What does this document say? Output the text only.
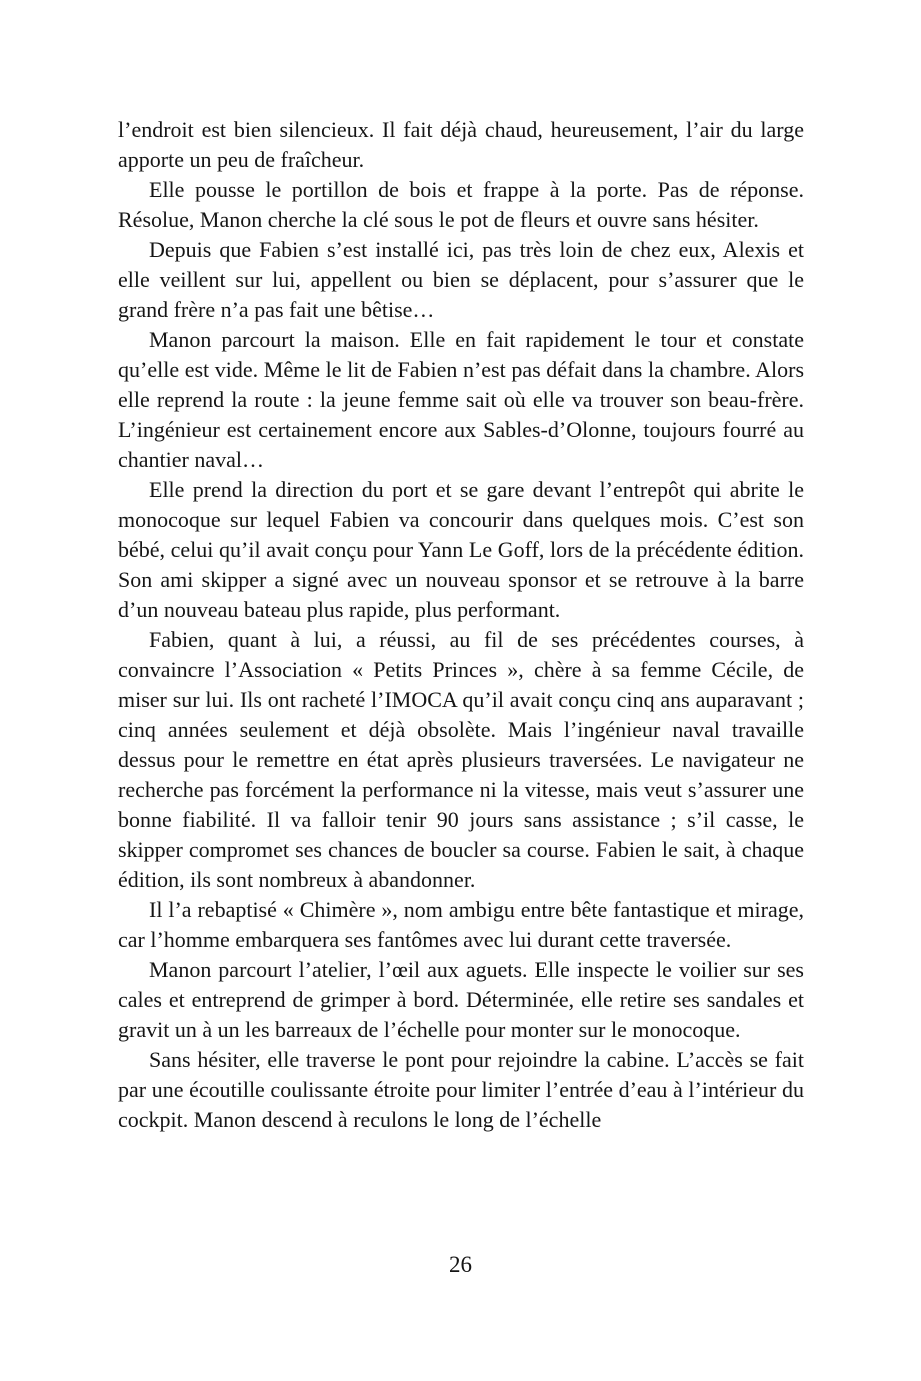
l’endroit est bien silencieux. Il fait déjà chaud, heureusement, l’air du large apporte un peu de fraîcheur.

Elle pousse le portillon de bois et frappe à la porte. Pas de réponse. Résolue, Manon cherche la clé sous le pot de fleurs et ouvre sans hésiter.

Depuis que Fabien s’est installé ici, pas très loin de chez eux, Alexis et elle veillent sur lui, appellent ou bien se déplacent, pour s’assurer que le grand frère n’a pas fait une bêtise…

Manon parcourt la maison. Elle en fait rapidement le tour et constate qu’elle est vide. Même le lit de Fabien n’est pas défait dans la chambre. Alors elle reprend la route : la jeune femme sait où elle va trouver son beau-frère. L’ingénieur est certainement encore aux Sables-d’Olonne, toujours fourré au chantier naval…

Elle prend la direction du port et se gare devant l’entrepôt qui abrite le monocoque sur lequel Fabien va concourir dans quelques mois. C’est son bébé, celui qu’il avait conçu pour Yann Le Goff, lors de la précédente édition. Son ami skipper a signé avec un nouveau sponsor et se retrouve à la barre d’un nouveau bateau plus rapide, plus performant.

Fabien, quant à lui, a réussi, au fil de ses précédentes courses, à convaincre l’Association « Petits Princes », chère à sa femme Cécile, de miser sur lui. Ils ont racheté l’IMOCA qu’il avait conçu cinq ans auparavant ; cinq années seulement et déjà obsolète. Mais l’ingénieur naval travaille dessus pour le remettre en état après plusieurs traversées. Le navigateur ne recherche pas forcément la performance ni la vitesse, mais veut s’assurer une bonne fiabilité. Il va falloir tenir 90 jours sans assistance ; s’il casse, le skipper compromet ses chances de boucler sa course. Fabien le sait, à chaque édition, ils sont nombreux à abandonner.

Il l’a rebaptisé « Chimère », nom ambigu entre bête fantastique et mirage, car l’homme embarquera ses fantômes avec lui durant cette traversée.

Manon parcourt l’atelier, l’œil aux aguets. Elle inspecte le voilier sur ses cales et entreprend de grimper à bord. Déterminée, elle retire ses sandales et gravit un à un les barreaux de l’échelle pour monter sur le monocoque.

Sans hésiter, elle traverse le pont pour rejoindre la cabine. L’accès se fait par une écoutille coulissante étroite pour limiter l’entrée d’eau à l’intérieur du cockpit. Manon descend à reculons le long de l’échelle

26
